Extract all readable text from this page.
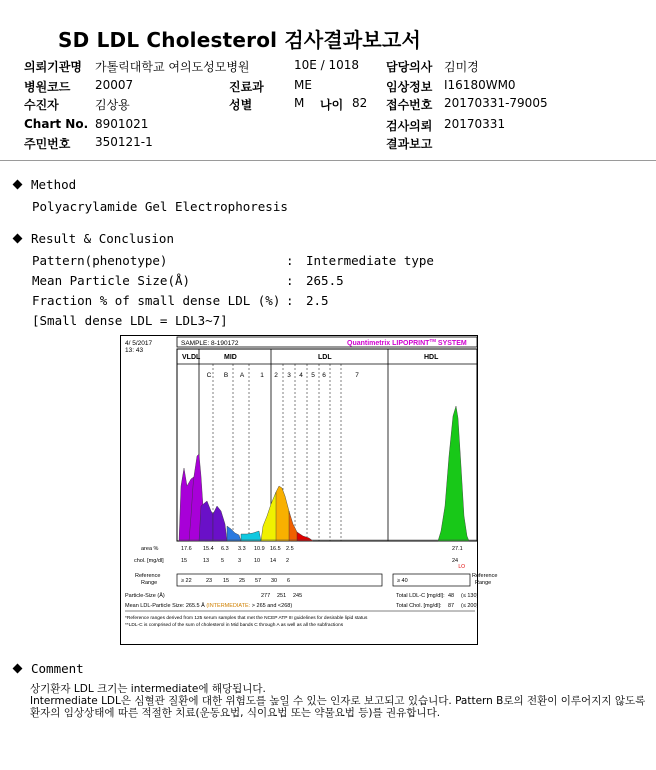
SD LDL Cholesterol 검사결과보고서
의뢰기관명 가톨릭대학교 여의도성모병원	10E / 1018 담당의사 김미경
병원코드 20007	진료과	ME	임상정보 I16180WM0
수진자	김상용	성별	M 나이 82 접수번호 20170331-79005
Chart No. 8901021	검사의뢰 20170331
주민번호 350121-1	결과보고
Method
Polyacrylamide Gel Electrophoresis
Result & Conclusion
Pattern(phenotype)	: Intermediate type
Mean Particle Size(Å)	: 265.5
Fraction % of small dense LDL (%) : 2.5
[Small dense LDL = LDL3~7]
4/ 5/2017
13: 43
SAMPLE: 8-190172	Quantimetrix LIPOPRINT™ SYSTEM
VLDL	MID	LDL	HDL
C B A 1 2 3 4 5 6	7
area %	17.6 15.4 6.3 3.3 10.9 16.5 2.5	27.1
chol. [mg/dl]	15	13 5	3 10 14 2	24
LO
Reference
Range	≥ 22	23 15 25 57 30 6	≥ 40
Reference
Range
Particle-Size (Å)	277 251 245	Total LDL-C [mg/dl]: 48 (≤ 130)
Mean LDL-Particle Size: 265.5 Å (INTERMEDIATE: > 265 and <268)	Total Chol. [mg/dl]: 87 (≤ 200)
*Reference ranges derived from 125 serum samples that met the NCEP ATP III guidelines for desirable lipid status
**LDL-C is comprised of the sum of cholesterol in Mid bands C through A as well as all the subfractions
Comment
상기환자 LDL 크기는 intermediate에 해당됩니다.
Intermediate LDL은 심혈관 질환에 대한 위험도를 높일 수 있는 인자로 보고되고 있습니다. Pattern B로의 전환이 이루어지지 않도록 환자의 임상상태에 따른 적절한 치료(운동요법, 식이요법 또는 약물요법 등)를 권유합니다.
